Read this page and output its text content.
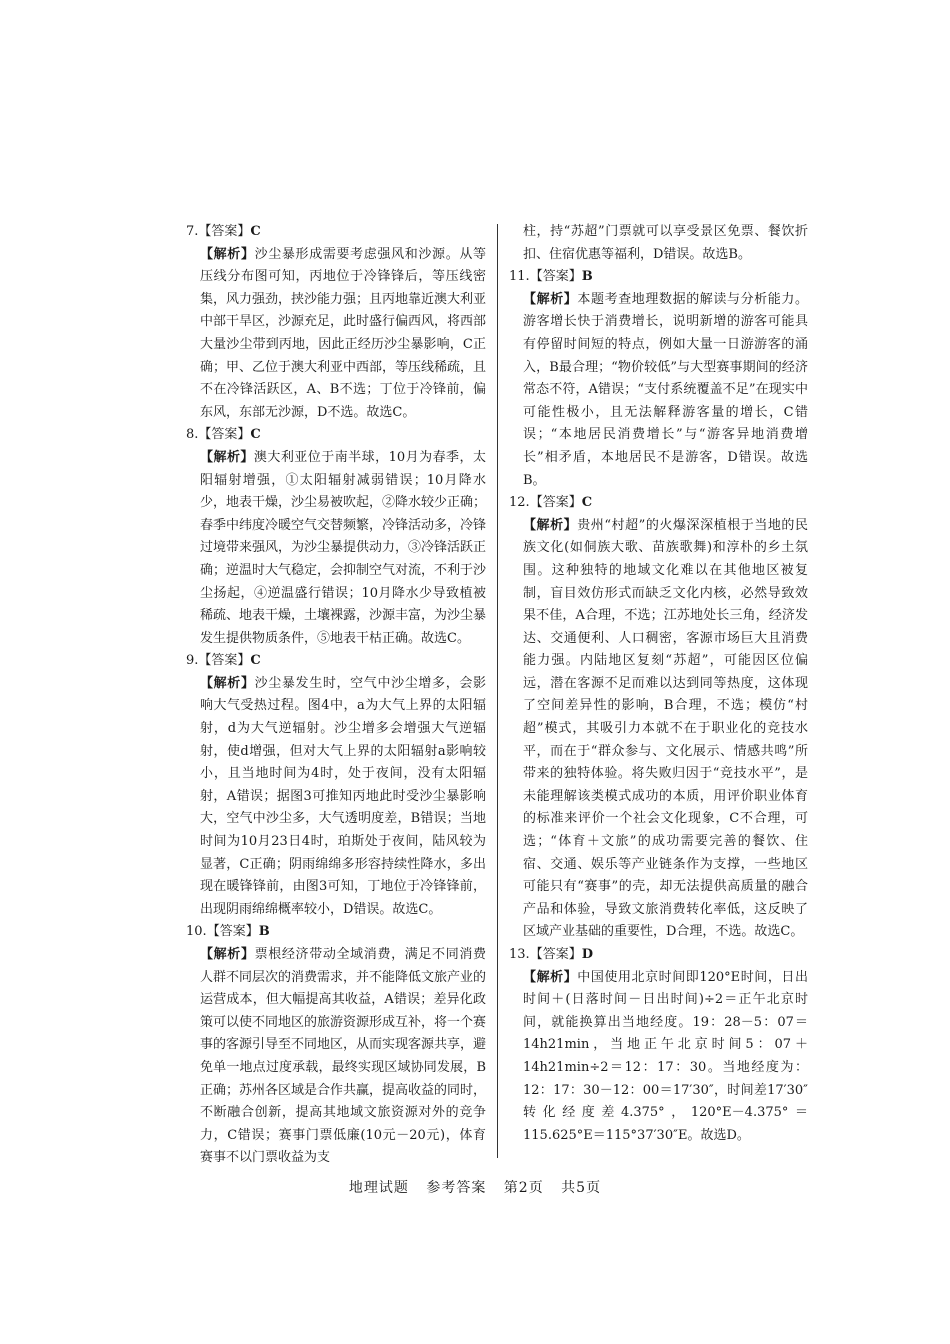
7.【答案】C
【解析】沙尘暴形成需要考虑强风和沙源。从等压线分布图可知，丙地位于冷锋锋后，等压线密集，风力强劲，挟沙能力强；且丙地靠近澳大利亚中部干旱区，沙源充足，此时盛行偏西风，将西部大量沙尘带到丙地，因此正经历沙尘暴影响，C正确；甲、乙位于澳大利亚中西部，等压线稀疏，且不在冷锋活跃区，A、B不选；丁位于冷锋前，偏东风，东部无沙源，D不选。故选C。
8.【答案】C
【解析】澳大利亚位于南半球，10月为春季，太阳辐射增强，①太阳辐射减弱错误；10月降水少，地表干燥，沙尘易被吹起，②降水较少正确；春季中纬度冷暖空气交替频繁，冷锋活动多，冷锋过境带来强风，为沙尘暴提供动力，③冷锋活跃正确；逆温时大气稳定，会抑制空气对流，不利于沙尘扬起，④逆温盛行错误；10月降水少导致植被稀疏、地表干燥，土壤裸露，沙源丰富，为沙尘暴发生提供物质条件，⑤地表干枯正确。故选C。
9.【答案】C
【解析】沙尘暴发生时，空气中沙尘增多，会影响大气受热过程。图4中，a为大气上界的太阳辐射，d为大气逆辐射。沙尘增多会增强大气逆辐射，使d增强，但对大气上界的太阳辐射a影响较小，且当地时间为4时，处于夜间，没有太阳辐射，A错误；据图3可推知丙地此时受沙尘暴影响大，空气中沙尘多，大气透明度差，B错误；当地时间为10月23日4时，珀斯处于夜间，陆风较为显著，C正确；阴雨绵绵多形容持续性降水，多出现在暖锋锋前，由图3可知，丁地位于冷锋锋前，出现阴雨绵绵概率较小，D错误。故选C。
10.【答案】B
【解析】票根经济带动全域消费，满足不同消费人群不同层次的消费需求，并不能降低文旅产业的运营成本，但大幅提高其收益，A错误；差异化政策可以使不同地区的旅游资源形成互补，将一个赛事的客源引导至不同地区，从而实现客源共享，避免单一地点过度承载，最终实现区域协同发展，B正确；苏州各区域是合作共赢，提高收益的同时，不断融合创新，提高其地域文旅资源对外的竞争力，C错误；赛事门票低廉(10元－20元)，体育赛事不以门票收益为支
柱，持“苏超”门票就可以享受景区免票、餐饮折扣、住宿优惠等福利，D错误。故选B。
11.【答案】B
【解析】本题考查地理数据的解读与分析能力。游客增长快于消费增长，说明新增的游客可能具有停留时间短的特点，例如大量一日游游客的涌入，B最合理；“物价较低”与大型赛事期间的经济常态不符，A错误；“支付系统覆盖不足”在现实中可能性极小，且无法解释游客量的增长，C错误；“本地居民消费增长”与“游客异地消费增长”相矛盾，本地居民不是游客，D错误。故选B。
12.【答案】C
【解析】贵州“村超”的火爆深深植根于当地的民族文化(如侗族大歌、苗族歌舞)和淳朴的乡土氛围。这种独特的地域文化难以在其他地区被复制，盲目效仿形式而缺乏文化内核，必然导致效果不佳，A合理，不选；江苏地处长三角，经济发达、交通便利、人口稠密，客源市场巨大且消费能力强。内陆地区复刻“苏超”，可能因区位偏远，潜在客源不足而难以达到同等热度，这体现了空间差异性的影响，B合理，不选；模仿“村超”模式，其吸引力本就不在于职业化的竞技水平，而在于“群众参与、文化展示、情感共鸣”所带来的独特体验。将失败归因于“竞技水平”，是未能理解该类模式成功的本质，用评价职业体育的标准来评价一个社会文化现象，C不合理，可选；“体育＋文旅”的成功需要完善的餐饮、住宿、交通、娱乐等产业链条作为支撑，一些地区可能只有“赛事”的壳，却无法提供高质量的融合产品和体验，导致文旅消费转化率低，这反映了区域产业基础的重要性，D合理，不选。故选C。
13.【答案】D
【解析】中国使用北京时间即120°E时间，日出时间＋(日落时间－日出时间)÷2＝正午北京时间，就能换算出当地经度。19：28－5：07＝14h21min，当地正午北京时间5：07＋14h21min÷2＝12：17：30。当地经度为：12：17：30－12：00＝17′30″，时间差17′30″转化经度差4.375°，120°E－4.375°＝115.625°E＝115°37′30″E。故选D。
地理试题 参考答案 第2页 共5页
